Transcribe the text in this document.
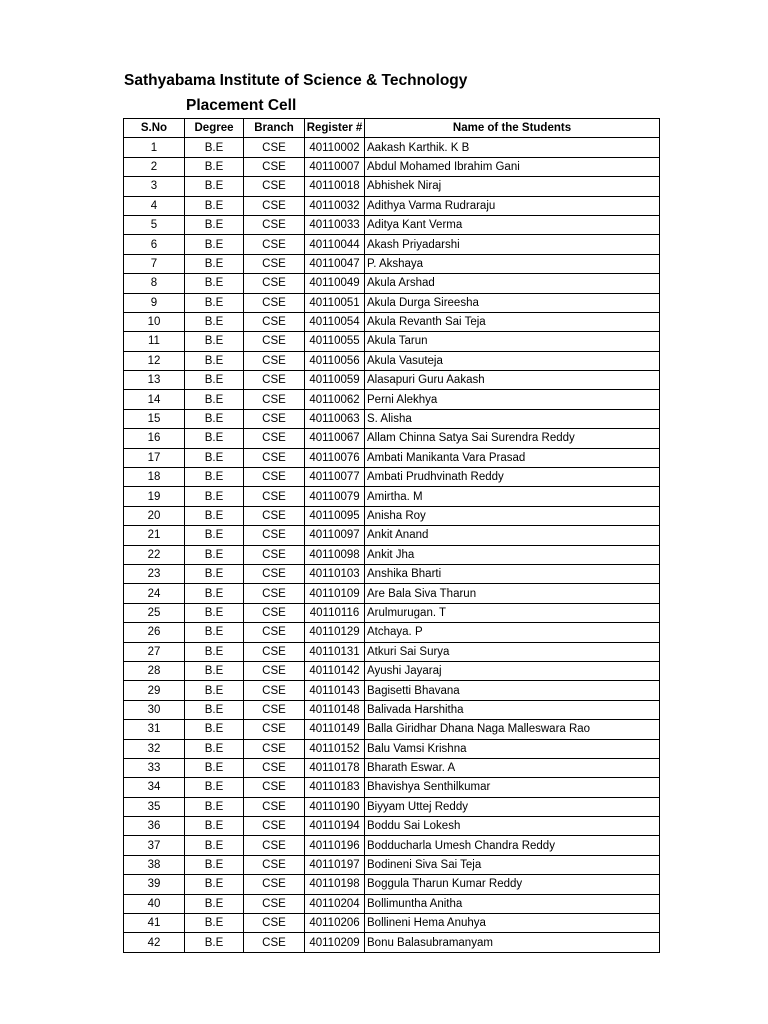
Sathyabama Institute of Science & Technology
Placement Cell
S.No	Degree	Branch	Register #	Name of the Students
1	B.E	CSE	40110002	Aakash Karthik. K B
2	B.E	CSE	40110007	Abdul Mohamed Ibrahim Gani
3	B.E	CSE	40110018	Abhishek Niraj
4	B.E	CSE	40110032	Adithya Varma Rudraraju
5	B.E	CSE	40110033	Aditya Kant Verma
6	B.E	CSE	40110044	Akash Priyadarshi
7	B.E	CSE	40110047	P. Akshaya
8	B.E	CSE	40110049	Akula Arshad
9	B.E	CSE	40110051	Akula Durga Sireesha
10	B.E	CSE	40110054	Akula Revanth Sai Teja
11	B.E	CSE	40110055	Akula Tarun
12	B.E	CSE	40110056	Akula Vasuteja
13	B.E	CSE	40110059	Alasapuri Guru Aakash
14	B.E	CSE	40110062	Perni Alekhya
15	B.E	CSE	40110063	S. Alisha
16	B.E	CSE	40110067	Allam Chinna Satya Sai Surendra Reddy
17	B.E	CSE	40110076	Ambati Manikanta Vara Prasad
18	B.E	CSE	40110077	Ambati Prudhvinath Reddy
19	B.E	CSE	40110079	Amirtha. M
20	B.E	CSE	40110095	Anisha Roy
21	B.E	CSE	40110097	Ankit Anand
22	B.E	CSE	40110098	Ankit Jha
23	B.E	CSE	40110103	Anshika Bharti
24	B.E	CSE	40110109	Are Bala Siva Tharun
25	B.E	CSE	40110116	Arulmurugan. T
26	B.E	CSE	40110129	Atchaya. P
27	B.E	CSE	40110131	Atkuri Sai Surya
28	B.E	CSE	40110142	Ayushi Jayaraj
29	B.E	CSE	40110143	Bagisetti Bhavana
30	B.E	CSE	40110148	Balivada Harshitha
31	B.E	CSE	40110149	Balla Giridhar Dhana Naga Malleswara Rao
32	B.E	CSE	40110152	Balu Vamsi Krishna
33	B.E	CSE	40110178	Bharath Eswar. A
34	B.E	CSE	40110183	Bhavishya Senthilkumar
35	B.E	CSE	40110190	Biyyam Uttej Reddy
36	B.E	CSE	40110194	Boddu Sai Lokesh
37	B.E	CSE	40110196	Bodducharla Umesh Chandra Reddy
38	B.E	CSE	40110197	Bodineni Siva Sai Teja
39	B.E	CSE	40110198	Boggula Tharun Kumar Reddy
40	B.E	CSE	40110204	Bollimuntha Anitha
41	B.E	CSE	40110206	Bollineni Hema Anuhya
42	B.E	CSE	40110209	Bonu Balasubramanyam
